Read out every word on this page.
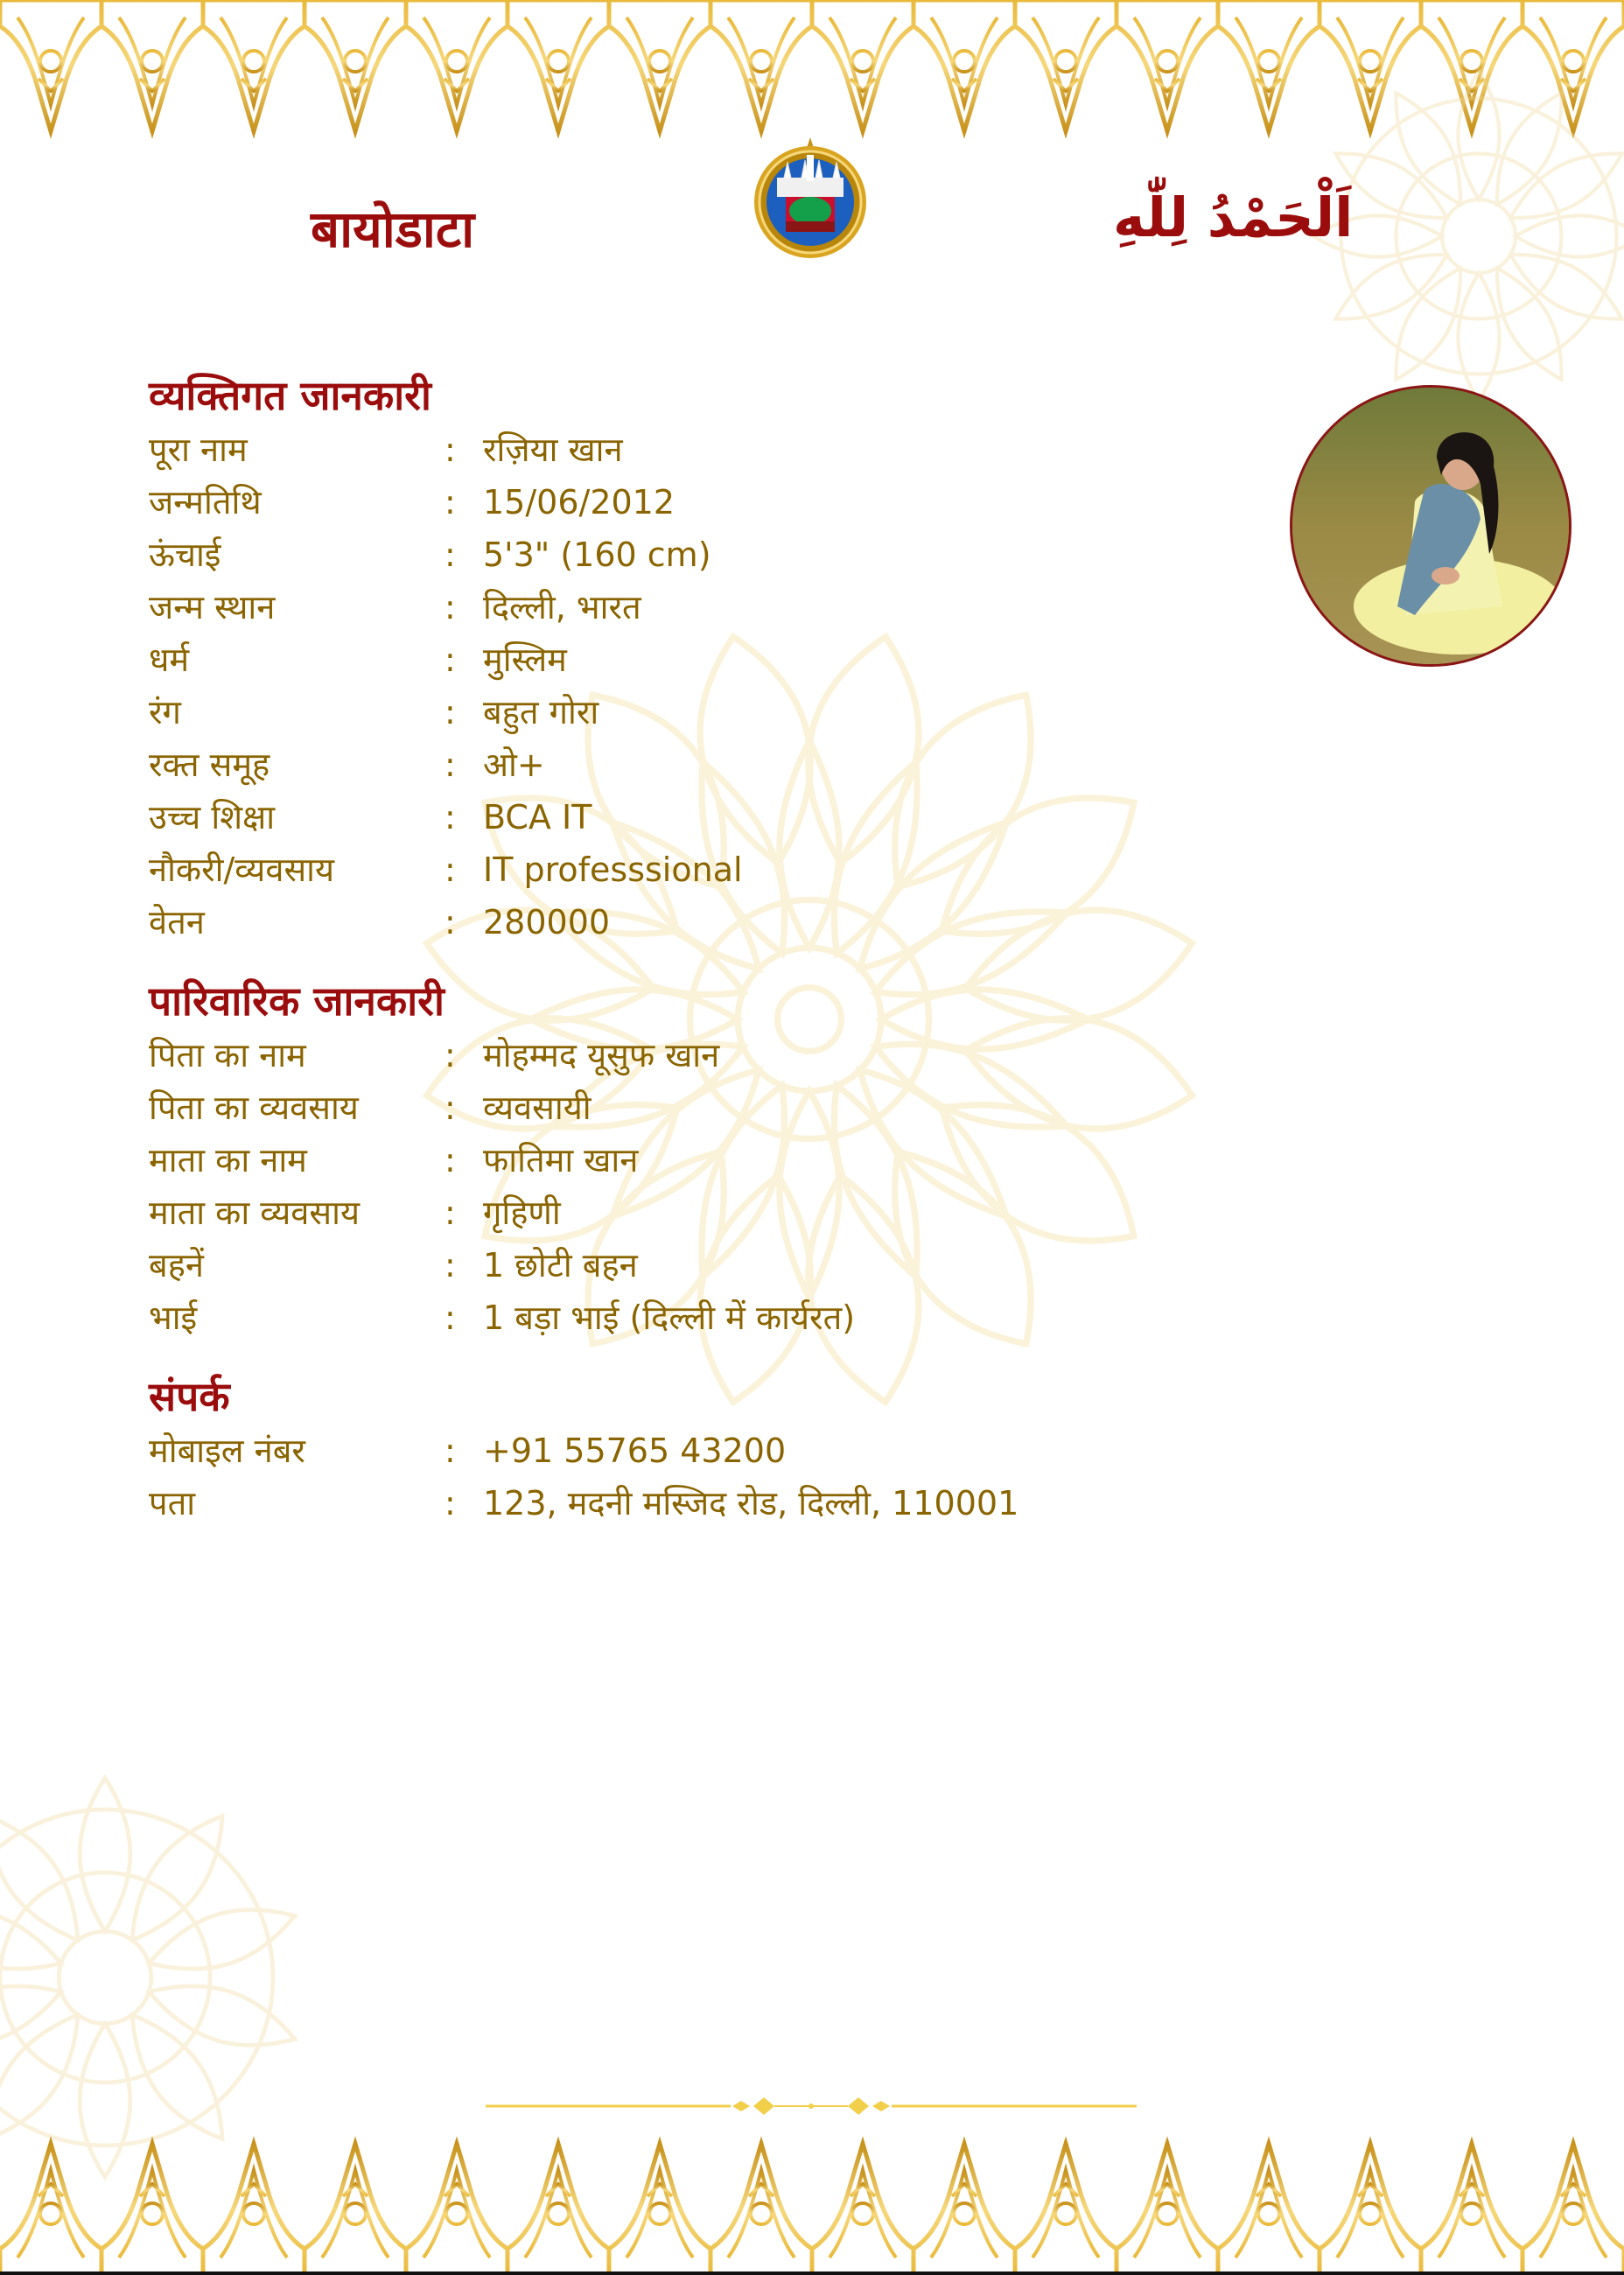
बायोडाटा	اَلْحَمْدُ لِلّٰهِ
व्यक्तिगत जानकारी
पूरा नाम	: रज़िया खान
जन्मतिथि	: 15/06/2012
ऊंचाई	: 5'3" (160 cm)
जन्म स्थान	: दिल्ली, भारत
धर्म	: मुस्लिम
रंग	: बहुत गोरा
रक्त समूह	: ओ+
उच्च शिक्षा	: BCA IT
नौकरी/व्यवसाय	: IT professsional
वेतन	: 280000
पारिवारिक जानकारी
पिता का नाम	: मोहम्मद यूसुफ खान
पिता का व्यवसाय	: व्यवसायी
माता का नाम	: फातिमा खान
माता का व्यवसाय	: गृहिणी
बहनें	: 1 छोटी बहन
भाई	: 1 बड़ा भाई (दिल्ली में कार्यरत)
संपर्क
मोबाइल नंबर	: +91 55765 43200
पता	: 123, मदनी मस्जिद रोड, दिल्ली, 110001
